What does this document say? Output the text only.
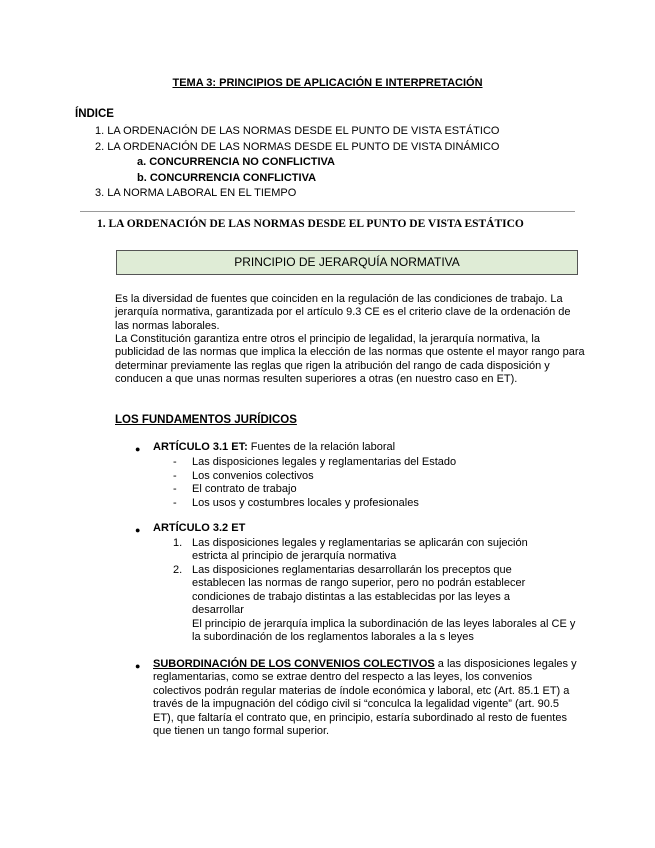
TEMA 3: PRINCIPIOS DE APLICACIÓN E INTERPRETACIÓN
ÍNDICE
1. LA ORDENACIÓN DE LAS NORMAS DESDE EL PUNTO DE VISTA ESTÁTICO
2. LA ORDENACIÓN DE LAS NORMAS DESDE EL PUNTO DE VISTA DINÁMICO
a. CONCURRENCIA NO CONFLICTIVA
b. CONCURRENCIA CONFLICTIVA
3. LA NORMA LABORAL EN EL TIEMPO
1. LA ORDENACIÓN DE LAS NORMAS DESDE EL PUNTO DE VISTA ESTÁTICO
PRINCIPIO DE JERARQUÍA NORMATIVA
Es la diversidad de fuentes que coinciden en la regulación de las condiciones de trabajo. La jerarquía normativa, garantizada por el artículo 9.3 CE es el criterio clave de la ordenación de las normas laborales.
La Constitución garantiza entre otros el principio de legalidad, la jerarquía normativa, la publicidad de las normas que implica la elección de las normas que ostente el mayor rango para determinar previamente las reglas que rigen la atribución del rango de cada disposición y conducen a que unas normas resulten superiores a otras (en nuestro caso en ET).
LOS FUNDAMENTOS JURÍDICOS
● ARTÍCULO 3.1 ET: Fuentes de la relación laboral
- Las disposiciones legales y reglamentarias del Estado
- Los convenios colectivos
- El contrato de trabajo
- Los usos y costumbres locales y profesionales
● ARTÍCULO 3.2 ET
1. Las disposiciones legales y reglamentarias se aplicarán con sujeción estricta al principio de jerarquía normativa
2. Las disposiciones reglamentarias desarrollarán los preceptos que establecen las normas de rango superior, pero no podrán establecer condiciones de trabajo distintas a las establecidas por las leyes a desarrollar
El principio de jerarquía implica la subordinación de las leyes laborales al CE y la subordinación de los reglamentos laborales a la s leyes
● SUBORDINACIÓN DE LOS CONVENIOS COLECTIVOS a las disposiciones legales y reglamentarias, como se extrae dentro del respecto a las leyes, los convenios colectivos podrán regular materias de índole económica y laboral, etc (Art. 85.1 ET) a través de la impugnación del código civil si “conculca la legalidad vigente” (art. 90.5 ET), que faltaría el contrato que, en principio, estaría subordinado al resto de fuentes que tienen un tango formal superior.
